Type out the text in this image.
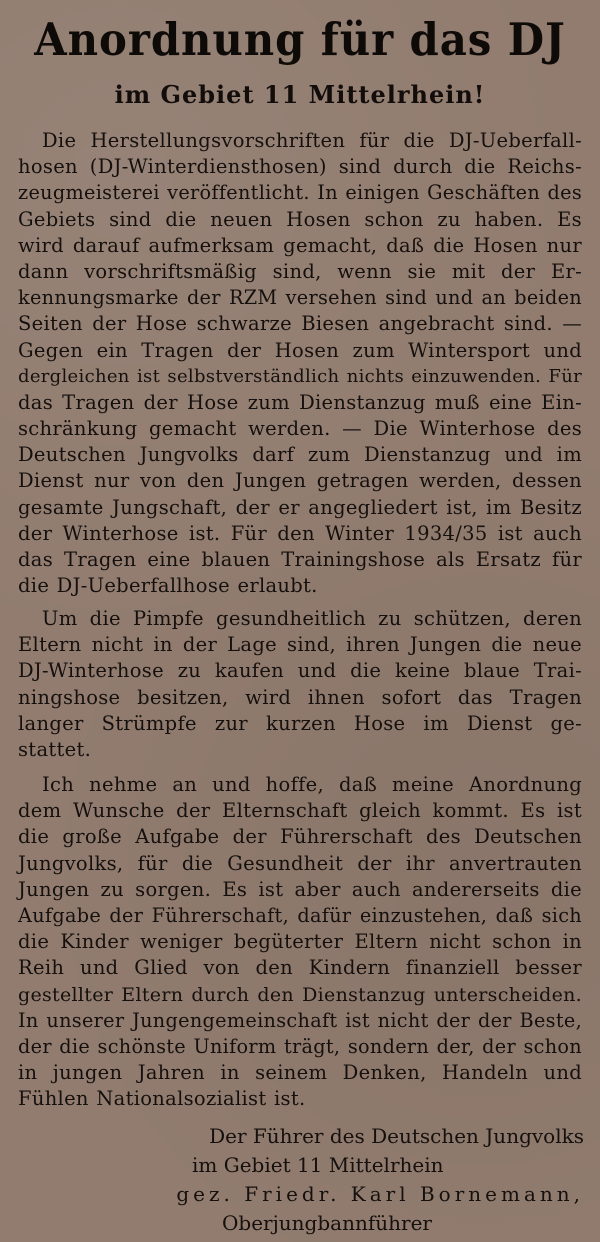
Anordnung für das DJ
im Gebiet 11 Mittelrhein!
Die Herstellungsvorschriften für die DJ-Ueberfall-
hosen (DJ-Winterdiensthosen) sind durch die Reichs-
zeugmeisterei veröffentlicht. In einigen Geschäften des
Gebiets sind die neuen Hosen schon zu haben. Es
wird darauf aufmerksam gemacht, daß die Hosen nur
dann vorschriftsmäßig sind, wenn sie mit der Er-
kennungsmarke der RZM versehen sind und an beiden
Seiten der Hose schwarze Biesen angebracht sind. —
Gegen ein Tragen der Hosen zum Wintersport und
dergleichen ist selbstverständlich nichts einzuwenden. Für
das Tragen der Hose zum Dienstanzug muß eine Ein-
schränkung gemacht werden. — Die Winterhose des
Deutschen Jungvolks darf zum Dienstanzug und im
Dienst nur von den Jungen getragen werden, dessen
gesamte Jungschaft, der er angegliedert ist, im Besitz
der Winterhose ist. Für den Winter 1934/35 ist auch
das Tragen eine blauen Trainingshose als Ersatz für
die DJ-Ueberfallhose erlaubt.
Um die Pimpfe gesundheitlich zu schützen, deren
Eltern nicht in der Lage sind, ihren Jungen die neue
DJ-Winterhose zu kaufen und die keine blaue Trai-
ningshose besitzen, wird ihnen sofort das Tragen
langer Strümpfe zur kurzen Hose im Dienst ge-
stattet.
Ich nehme an und hoffe, daß meine Anordnung
dem Wunsche der Elternschaft gleich kommt. Es ist
die große Aufgabe der Führerschaft des Deutschen
Jungvolks, für die Gesundheit der ihr anvertrauten
Jungen zu sorgen. Es ist aber auch andererseits die
Aufgabe der Führerschaft, dafür einzustehen, daß sich
die Kinder weniger begüterter Eltern nicht schon in
Reih und Glied von den Kindern finanziell besser
gestellter Eltern durch den Dienstanzug unterscheiden.
In unserer Jungengemeinschaft ist nicht der der Beste,
der die schönste Uniform trägt, sondern der, der schon
in jungen Jahren in seinem Denken, Handeln und
Fühlen Nationalsozialist ist.
Der Führer des Deutschen Jungvolks
im Gebiet 11 Mittelrhein
gez. Friedr. Karl Bornemann,
Oberjungbannführer
